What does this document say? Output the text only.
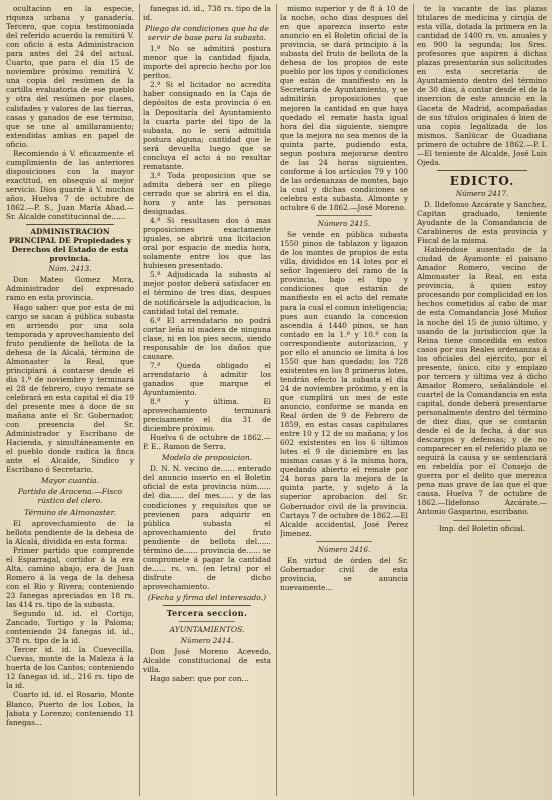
ocultacion en la especie, riqueza urbana y ganadería. Tercero, que copia testimoniada del referido acuerdo la remitirá V. con oficio á esta Administracion para antes del 24 del actual. Cuarto, que para el día 15 de noviembre próximo remitirá V. una copia del resúmen de la cartilla evaluatoria de ese pueblo y otra del resúmen por clases, calidades y valores de las tierras, casas y ganados de ese término, que se une al amillaramiento; extendidas ambas en papel de oficio.

Recomiendo á V. eficazmente el cumplimiento de las anteriores disposiciones con la mayor exactitud, en obsequio al mejor servicio. Dios guarde á V. muchos años. Huelva 7 de octubre de 1862.—P. S., Juan María Abad.—Sr. Alcalde constitucional de......

ADMINISTRACION PRINCIPAL DE Propiedades y Derechos del Estado de esta provincia.

Núm. 2413.

Don Mateo Gomez Mora, Administrador del expresado ramo en esta provincia.

Hago saber: que por esta de mi cargo se sacan á pública subasta en arriendo por una sola temporada y aprovechamiento del fruto pendiente de bellota de la dehesa de la Alcalá, término de Almonaster la Real, que principiará á contarse desde el dia 1.º de noviembre y terminará el 28 de febrero, cuyo remate se celebrará en esta capital el dia 19 del presente mes á doce de su mañana ante el Sr. Gobernador, con presencia del Sr. Administrador y Escribano de Hacienda, y simultáneamente en el pueblo donde radica la finca ante el Alcalde, Síndico y Escribano ó Secretario.

Mayor cuantía.

Partido de Aracena.—Fisco rústico del clero.

Término de Almonaster.

El aprovechamiento de la bellota pendiente de la dehesa de la Alcalá, dividida en esta forma:

Primer partido que comprende el Esparragal, cortidor á la era Alta, camino abajo, era de Juan Romero á la vega de la dehesa con el Rio y Rivera; conteniendo 23 fanegas apreciadas en 18 rs. las 414 rs. tipo de la subasta.

Segundo id. id. el Cortijo, Zancado, Tortigo y la Paloma; conteniendo 24 fanegas id. id., 378 rs. tipo de la id.

Tercer id. id. la Cuevecilla, Cuevas, monte de la Maleza á la huerta de los Cantos; conteniendo 12 fanegas id. id., 216 rs. tipo de la id.

Cuarto id. id. el Rosario, Monte Blanco, Puerto de los Lobos, la Jabata y Lorenzo; conteniendo 11 fanegas...

fanegas id. id., 738 rs. tipo de la id.

Pliego de condiciones que ha de servir de base para la subasta.

1.ª No se admitirá postura menor que la cantidad fijada, importe del aprecio hecho por los peritos.

2.ª Si el licitador no acredita haber consignado en la Caja de depósitos de esta provincia ó en la Depositaría del Ayuntamiento la cuarta parte del tipo de la subasta, no le será admitida postura alguna; cantidad que le será devuelta luego que se concluya el acto á no resultar rematante.

3.ª Toda proposicion que se admita deberá ser en pliego cerrado que se abrirá en el dia, hora y ante las personas designadas.

4.ª Si resultasen dos ó mas proposiciones exactamente iguales, se abrirá una licitacion oral por espacio de media hora, solamente entre los que las hubiesen presentado.

5.ª Adjudicada la subasta al mejor postor deberá satisfacer en el término de tres dias, despues de notificársele la adjudicacion, la cantidad total del remate.

6.ª El arrendatario no podrá cortar leña ni madera de ninguna clase, ni en los pies secos, siendo responsable de los daños que causare.

7.ª Queda obligado el arrendatario á admitir los ganados que marque el Ayuntamiento.

8.ª y última. El aprovechamiento terminará precisamente el dia 31 de diciembre próximo.

Huelva 6 de octubre de 1862.—P. E., Ramon de Serra.

Modelo de proposicion.

D. N. N. vecino de...... enterado del anuncio inserto en el Boletin oficial de esta provincia núm...... del dia...... del mes...... y de las condiciones y requisitos que se previenen para adquirir en pública subasta el aprovechamiento del fruto pendiente de bellota del...... término de...... provincia de...... se compromete á pagar la cantidad de...... rs. vn. (en letra) por el disfrute de dicho aprovechamiento.

(Fecha y firma del interesado.)

Tercera seccion.

AYUNTAMIENTOS.

Número 2414.

Don José Moreno Acevedo, Alcalde constitucional de esta villa.

Hago saber: que por con...

mismo superior y de 8 á 10 de la noche, ocho dias despues del en que aparezca inserto este anuncio en el Boletin oficial de la provincia, se dará principio á la subasta del fruto de bellota de la dehesa de los propios de este pueblo por los tipos y condiciones que están de manifiesto en la Secretaría de Ayuntamiento, y se admitirán proposiciones que mejoren la cantidad en que haya quedado el remate hasta igual hora del dia siguiente, siempre que la mejora no sea menos de la quinta parte, pudiendo esta, segun postura mejorarse dentro de las 24 horas siguientes, conforme á los artículos 79 y 100 de las ordenanzas de montes, bajo la cual y dichas condiciones se celebra esta subasta. Almonte y octubre 6 de 1862.—José Moreno.

Número 2415.

Se vende en pública subasta 1550 pinos de tablazon y ligazon de los montes de propios de esta villa, divididos en 14 lotes por el señor Ingeniero del ramo de la provincia, bajo el tipo y condiciones que estarán de manifiesto en el acto del remate para la cual el comun inteligencia; pues aun cuando la concesion ascendia á 1440 pinos, se han contado en la 1.ª y 10.ª con la correspondiente autorizacion, y por ello el anuncio se limita á los 1550 que han quedado; los 728 existentes en los 8 primeros lotes, tendrán efecto la subasta el dia 24 de noviembre próximo, y en la que cumplirá un mes de este anuncio, conforme se manda en Real órden de 9 de Febrero de 1859, en estas casas capitulares entre 10 y 12 de su mañana; y los 602 existentes en los 6 últimos lotes el 9 de diciembre en las mismas casas y á la misma hora, quedando abierto el remate por 24 horas para la mejora de la quinta parte, y sujeto á la superior aprobacion del Sr. Gobernador civil de la provincia. Cartaya 7 de octubre de 1862.—El Alcalde accidental, José Perez Jimenez.

Número 2416.

En virtud de órden del Sr. Gobernador civil de esta provincia, se anuncia nuevamente...

te la vacante de las plazas titulares de medicina y cirujía de esta villa, dotada la primera en la cantidad de 1400 rs. vn. anuales y en 900 la segunda; los Sres. profesores que aspiren á dichas plazas presentarán sus solicitudes en esta secretaría de Ayuntamiento dentro del término de 30 dias, á contar desde el de la insercion de este anuncio en la Gaceta de Madrid, acompañadas de sus títulos originales ó bien de una copia legalizada de los mismos. Sanlúcar de Guadiana primero de octubre de 1862.—P. I.—El teniente de Alcalde, José Luis Ojeda.

EDICTO.

Número 2417.

D. Ildefonso Azcárate y Sanchez, Capitan graduado, teniente Ayudante de la Comandancia de Carabineros de esta provincia y Fiscal de la misma.

Habiéndose ausentado de la ciudad de Ayamonte el paisano Amador Romero, vecino de Almonaster la Real, en esta provincia, á quien estoy procesando por complicidad en los hechos cometidos al cabo de mar de esta Comandancia José Muñoz la noche del 15 de junio último, y usando de la jurisdiccion que la Reina tiene concedida en estos casos por sus Reales ordenanzas á los oficiales del ejército, por el presente, único, cito y emplazo por tercera y última vez á dicho Amador Romero, señalándole el cuartel de la Comandancia en esta capital, donde deberá presentarse personalmente dentro del término de diez dias, que se contarán desde el de la fecha, á dar sus descargos y defensas; y de no comparecer en el referido plazo se seguirá la causa y se sentenciará en rebeldía por el Consejo de guerra por el delito que merezca pena mas grave de las que el que causa. Huelva 7 de octubre de 1862.—Ildefonso Azcárate.—Antonio Gasparino, escribano.

Imp. del Boletin oficial.
